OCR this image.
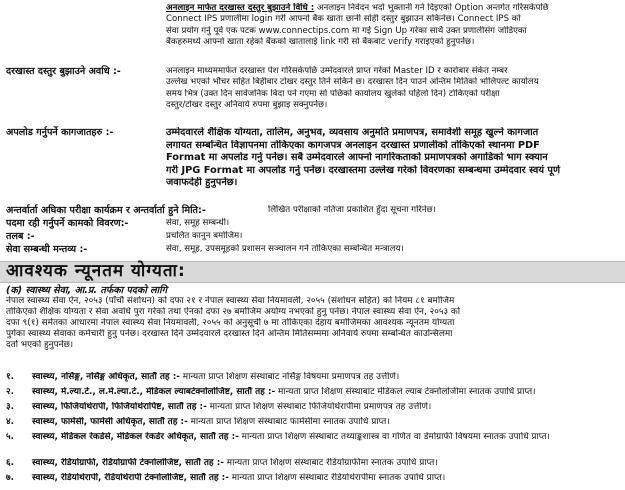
अनलाइन मार्फत दरखास्त दस्तुर बुझाउने विधि : अनलाइन निवेदन भर्दा भुक्तानी गर्न दिइएको Option अन्तर्गत गरिसकेपछि
Connect IPS प्रणालीमा login गरी आफ्नो बैंक खाता छानी सोही दस्तुर बुझाउन सकिनेछ। Connect IPS को
सेवा प्रयोग गर्नु पूर्व एक पटक www.connectips.com मा गई Sign Up गरेका साथै उक्त प्रणालीसंग जोडिएका
बैंकहरुमध्ये आफ्नो खाता रहेको बैंकको खातालाई link गरी सो बैंकबाट verify गराइएको हुनुपर्नेछ।
दरखास्त दस्तुर बुझाउने अवधि :-	अनलाइन माध्यममार्फत दरखास्त पेश गरिसकेपछि उम्मेदवारले प्राप्त गरेको Master ID र कारोबार संकेत नम्बर
उल्लेख भएको भौचर सहित बिहीबार टोखर दस्तुर तिर्न सकिने छ। दरखास्त दिन पाउने अन्तिम मितिको भोलिपल्ट कार्यालय
समय भित्र (उक्त दिन सार्वजनिक बिदा पर्न गएमा सो पछिको कार्यालय खुलेको पहिलो दिन) टोकिएको परीक्षा
दस्तुर/टोखर दस्तुर अनिवार्य रुपमा बुझाइ सक्नुपर्नेछ।
अपलोड गर्नुपर्ने कागजातहरु :-	उम्मेदवारले शैक्षिक योग्यता, तालिम, अनुभव, व्यवसाय अनुमति प्रमाणपत्र, समावेशी समूह खुल्ने कागजात
लगायत सम्बन्धित विज्ञापनमा तोकिएका कागजपत्र अनलाइन दरखास्त प्रणालीको तोकिएको स्थानमा PDF
Format मा अपलोड गर्नु पर्नेछ। सबै उम्मेदवारले आफ्नो नागरिकताको प्रमाणपत्रको अगाडिको भाग स्क्यान
गरी JPG Format मा अपलोड गर्नु पर्नेछ। दरखास्तमा उल्लेख गरेको विवरणका सम्बन्धमा उम्मेदवार स्वयं पूर्ण
जवाफदेही हुनुपर्नेछ।
अन्तर्वार्ता अघिका परीक्षा कार्यक्रम र अन्तर्वार्ता हुने मिति:-	लिखित परीक्षाको नतिजा प्रकाशित हुँदा सूचना गरिनेछ।
पदमा रही गर्नुपर्ने कामको विवरण:-	सेवा, समूह सम्बन्धी।
तलब :-	प्रचलित कानुन बमोजिम।
सेवा सम्बन्धी मन्तव्य :-	सेवा, समूह, उपसमूहको प्रशासन सञ्चालन गर्न तोकिएका सम्बन्धित मन्त्रालय।
आवश्यक न्यूनतम योग्यता:
(क) स्वास्थ्य सेवा, आ.प्र. तर्फका पदको लागि
नेपाल स्वास्थ्य सेवा ऐन, २०५३ (पाँचौं संशोधन) को दफा २१ र नेपाल स्वास्थ्य सेवा नियमावली, २०५५ (संशोधन सहित) को नियम ८१ बमोजिम
तोकिएको शैक्षिक योग्यता र सेवा अवधि पुरा गरेको तथा ऐनको दफा २७ बमोजिम अयोग्य नभएको हुनु पर्नेछ। नेपाल स्वास्थ्य सेवा ऐन, २०५३ को
दफा ९(१) समेतका आधारमा नेपाल स्वास्थ्य सेवा नियमावली, २०५५ को अनुसूची ७ मा तोकिएका देहाय बमोजिमका आवश्यक न्यूनतम योग्यता
पुगेका स्वास्थ्य सेवाका कर्मचारी हुनु पर्नेछ। दरखास्त दिने उम्मेदवारले दरखास्त दिने अन्तिम मितिसम्ममा अनिवार्य रुपमा सम्बन्धित काउन्सिलमा
दर्ता भएको हुनुपर्नेछ।
१. स्वास्थ्य, नर्सिङ्ग, नर्सिङ्ग अधिकृत, सातौं तह :- मान्यता प्राप्त शिक्षण संस्थाबाट नर्सिङ्ग विषयमा प्रमाणपत्र तह उत्तीर्ण।
२. स्वास्थ्य, मे.ल्या.टे., ल.मे.ल्या.टे., मेडिकल ल्याबटेक्नोलोजिष्ट, सातौं तह :- मान्यता प्राप्त शिक्षण संस्थाबाट मेडिकल ल्याब टेक्नोलोजीमा स्नातक उपाधि प्राप्त।
३. स्वास्थ्य, फिजियोथेरापी, फिजियोथेरापिष्ट, सातौं तह :- मान्यता प्राप्त शिक्षण संस्थाबाट फिजियोथेरापीमा प्रमाणपत्र तह उत्तीर्ण।
४. स्वास्थ्य, फार्मेसी, फार्मेसी अधिकृत, सातौं तह :- मान्यता प्राप्त शिक्षण संस्थाबाट फार्मेसीमा स्नातक उपाधि प्राप्त।
५. स्वास्थ्य, मेडिकल रेकर्डर्स, मेडिकल रेकर्डर अधिकृत, सातौं तह :- मान्यता प्राप्त शिक्षण संस्थाबाट तथ्याङ्कशास्त्र वा गणित वा डेमोग्राफी विषयमा स्नातक उपाधि प्राप्त।
६. स्वास्थ्य, रेडियोग्राफी, रेडियोग्राफी टेक्नोलोजिष्ट, सातौं तह :- मान्यता प्राप्त शिक्षण संस्थाबाट रेडियोग्राफीमा स्नातक उपाधि प्राप्त।
७. स्वास्थ्य, रेडियोथेरापी, रेडियोथेरापी टेक्नोलोजिष्ट, सातौं तह :- मान्यता प्राप्त शिक्षण संस्थाबाट रेडियोथेरापीमा स्नातक उपाधि प्राप्त।
